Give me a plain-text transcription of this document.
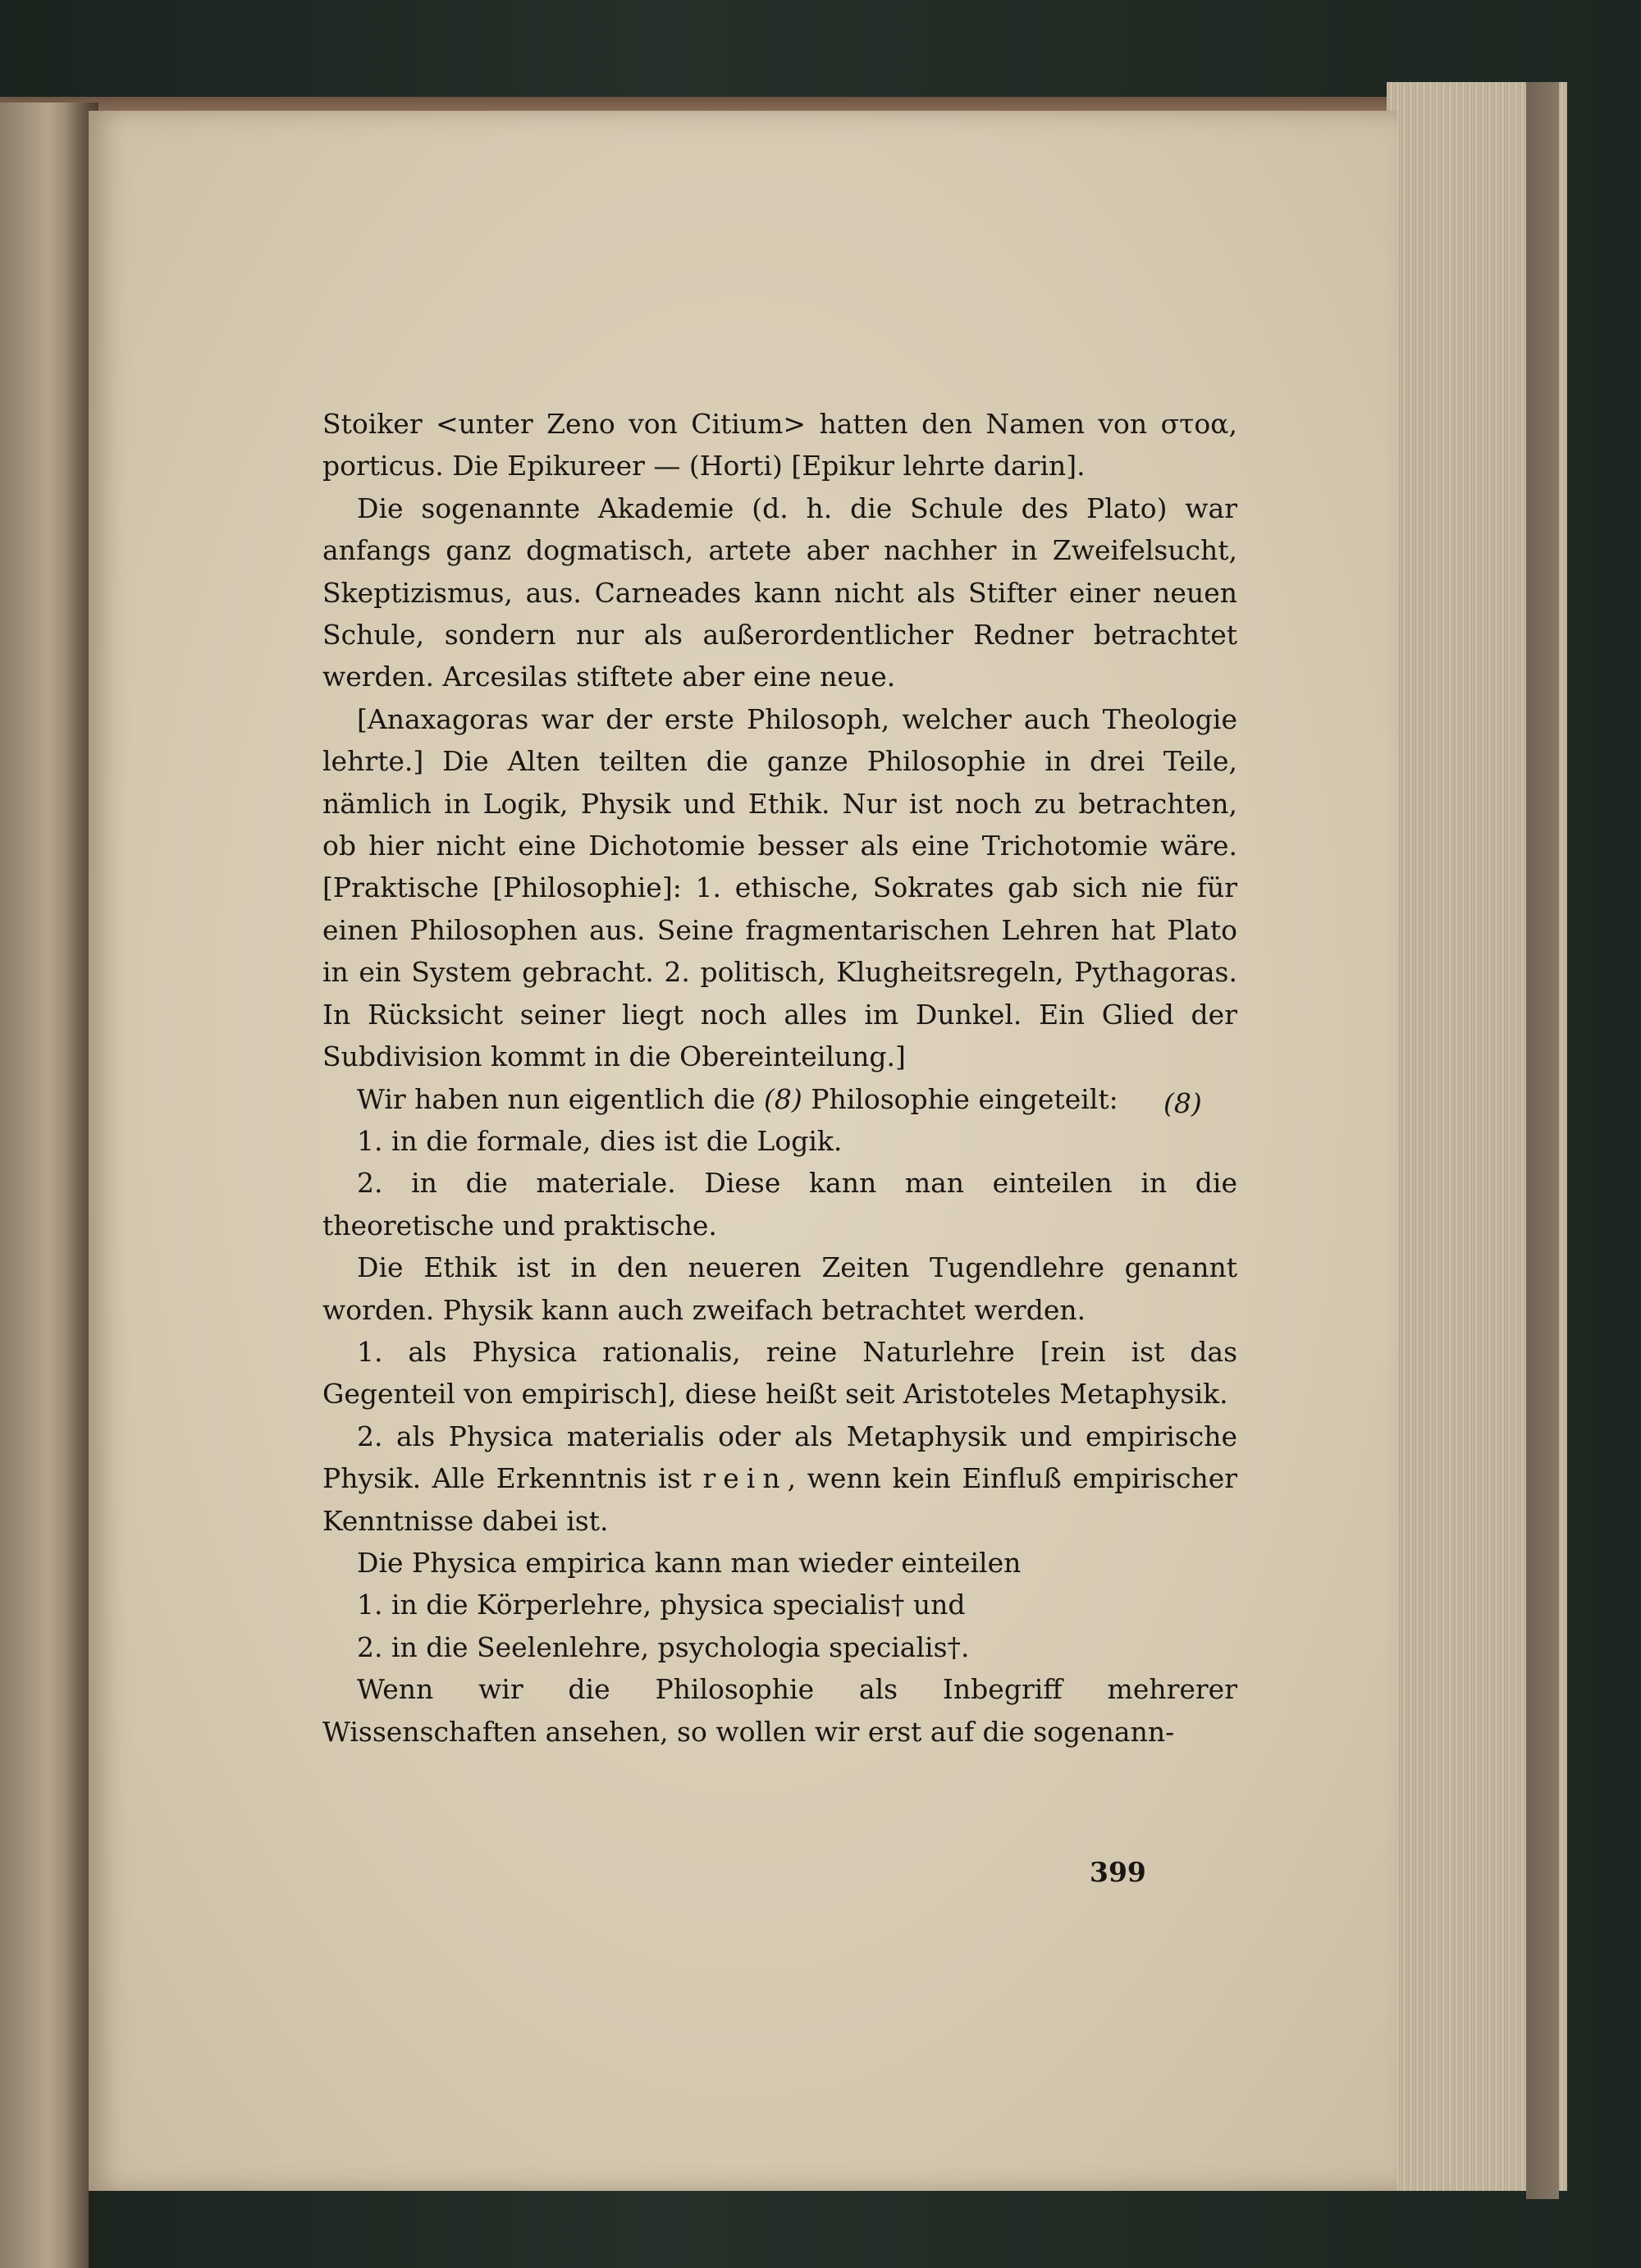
Stoiker <unter Zeno von Citium> hatten den Namen von στοα, porticus. Die Epikureer — (Horti) [Epikur lehrte darin].

Die sogenannte Akademie (d. h. die Schule des Plato) war anfangs ganz dogmatisch, artete aber nachher in Zweifelsucht, Skeptizismus, aus. Carneades kann nicht als Stifter einer neuen Schule, sondern nur als außerordentlicher Redner betrachtet werden. Arcesilas stiftete aber eine neue.

[Anaxagoras war der erste Philosoph, welcher auch Theologie lehrte.] Die Alten teilten die ganze Philosophie in drei Teile, nämlich in Logik, Physik und Ethik. Nur ist noch zu betrachten, ob hier nicht eine Dichotomie besser als eine Trichotomie wäre. [Praktische [Philosophie]: 1. ethische, Sokrates gab sich nie für einen Philosophen aus. Seine fragmentarischen Lehren hat Plato in ein System gebracht. 2. politisch, Klugheitsregeln, Pythagoras. In Rücksicht seiner liegt noch alles im Dunkel. Ein Glied der Subdivision kommt in die Obereinteilung.]

Wir haben nun eigentlich die (8) Philosophie eingeteilt:

1. in die formale, dies ist die Logik.

2. in die materiale. Diese kann man einteilen in die theoretische und praktische.

Die Ethik ist in den neueren Zeiten Tugendlehre genannt worden. Physik kann auch zweifach betrachtet werden.

1. als Physica rationalis, reine Naturlehre [rein ist das Gegenteil von empirisch], diese heißt seit Aristoteles Metaphysik.

2. als Physica materialis oder als Metaphysik und empirische Physik. Alle Erkenntnis ist rein, wenn kein Einfluß empirischer Kenntnisse dabei ist.

Die Physica empirica kann man wieder einteilen

1. in die Körperlehre, physica specialis† und

2. in die Seelenlehre, psychologia specialis†.

Wenn wir die Philosophie als Inbegriff mehrerer Wissenschaften ansehen, so wollen wir erst auf die sogenann-

(8)
399
